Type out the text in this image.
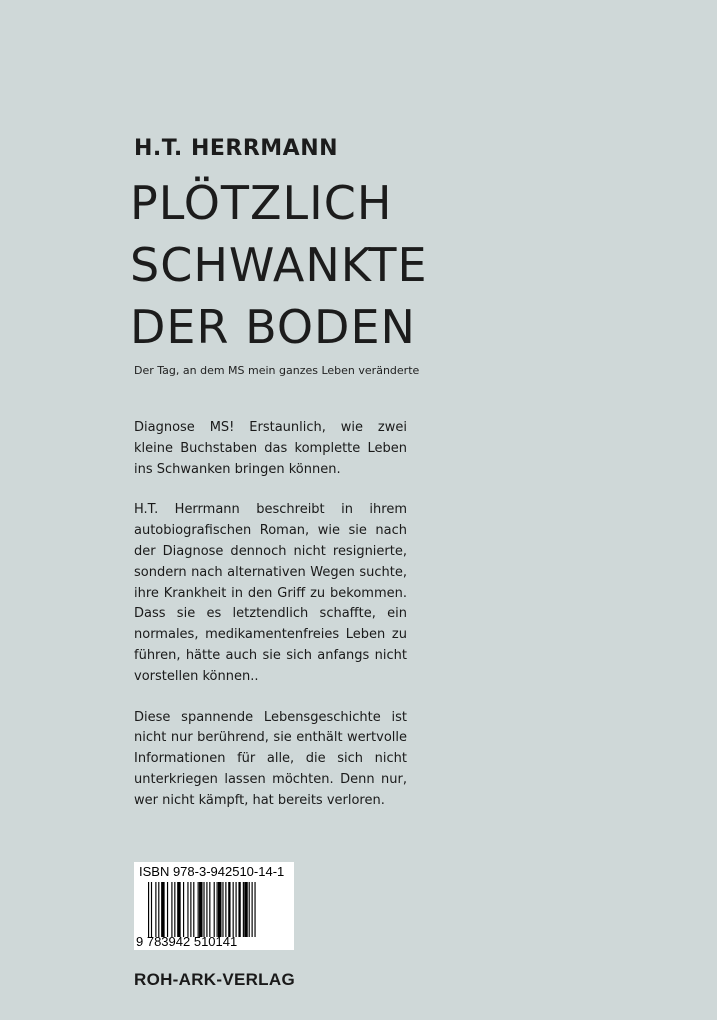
H.T. HERRMANN
PLÖTZLICH
SCHWANKTE
DER BODEN
Der Tag, an dem MS mein ganzes Leben veränderte

Diagnose MS! Erstaunlich, wie zwei kleine Buchstaben das komplette Leben ins Schwanken bringen können.

H.T. Herrmann beschreibt in ihrem autobiografischen Roman, wie sie nach der Diagnose dennoch nicht resignierte, sondern nach alternativen Wegen suchte, ihre Krankheit in den Griff zu bekommen. Dass sie es letztendlich schaffte, ein normales, medikamentenfreies Leben zu führen, hätte auch sie sich anfangs nicht vorstellen können..

Diese spannende Lebensgeschichte ist nicht nur berührend, sie enthält wertvolle Informationen für alle, die sich nicht unterkriegen lassen möchten. Denn nur, wer nicht kämpft, hat bereits verloren.

ISBN 978-3-942510-14-1
9 783942 510141
ROH-ARK-VERLAG
